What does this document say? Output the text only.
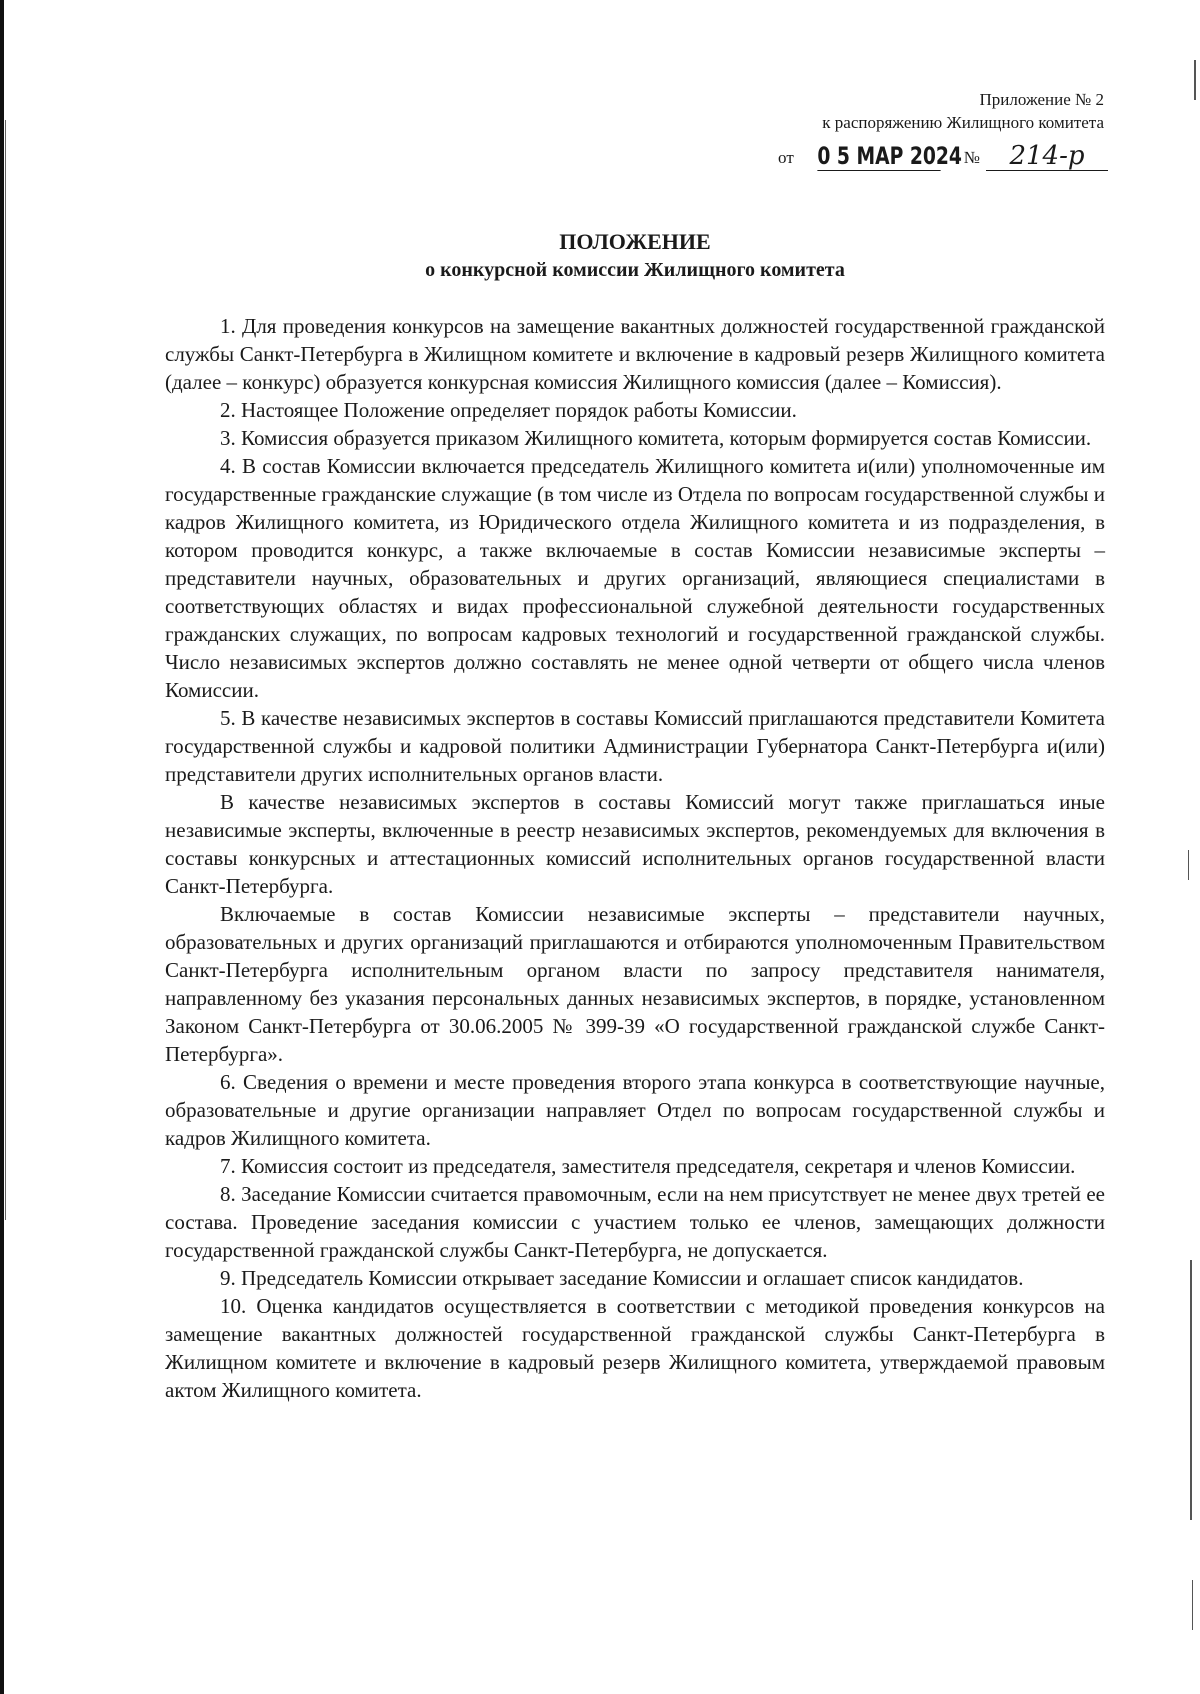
Приложение № 2
к распоряжению Жилищного комитета
от 0 5 МАР 2024 №	214-р
ПОЛОЖЕНИЕ
о конкурсной комиссии Жилищного комитета

1. Для проведения конкурсов на замещение вакантных должностей государственной гражданской службы Санкт-Петербурга в Жилищном комитете и включение в кадровый резерв Жилищного комитета (далее – конкурс) образуется конкурсная комиссия Жилищного комиссия (далее – Комиссия).

2. Настоящее Положение определяет порядок работы Комиссии.

3. Комиссия образуется приказом Жилищного комитета, которым формируется состав Комиссии.

4. В состав Комиссии включается председатель Жилищного комитета и(или) уполномоченные им государственные гражданские служащие (в том числе из Отдела по вопросам государственной службы и кадров Жилищного комитета, из Юридического отдела Жилищного комитета и из подразделения, в котором проводится конкурс, а также включаемые в состав Комиссии независимые эксперты – представители научных, образовательных и других организаций, являющиеся специалистами в соответствующих областях и видах профессиональной служебной деятельности государственных гражданских служащих, по вопросам кадровых технологий и государственной гражданской службы. Число независимых экспертов должно составлять не менее одной четверти от общего числа членов Комиссии.

5. В качестве независимых экспертов в составы Комиссий приглашаются представители Комитета государственной службы и кадровой политики Администрации Губернатора Санкт-Петербурга и(или) представители других исполнительных органов власти.

В качестве независимых экспертов в составы Комиссий могут также приглашаться иные независимые эксперты, включенные в реестр независимых экспертов, рекомендуемых для включения в составы конкурсных и аттестационных комиссий исполнительных органов государственной власти Санкт-Петербурга.

Включаемые в состав Комиссии независимые эксперты – представители научных, образовательных и других организаций приглашаются и отбираются уполномоченным Правительством Санкт-Петербурга исполнительным органом власти по запросу представителя нанимателя, направленному без указания персональных данных независимых экспертов, в порядке, установленном Законом Санкт-Петербурга от 30.06.2005 № 399-39 «О государственной гражданской службе Санкт-Петербурга».

6. Сведения о времени и месте проведения второго этапа конкурса в соответствующие научные, образовательные и другие организации направляет Отдел по вопросам государственной службы и кадров Жилищного комитета.

7. Комиссия состоит из председателя, заместителя председателя, секретаря и членов Комиссии.

8. Заседание Комиссии считается правомочным, если на нем присутствует не менее двух третей ее состава. Проведение заседания комиссии с участием только ее членов, замещающих должности государственной гражданской службы Санкт-Петербурга, не допускается.

9. Председатель Комиссии открывает заседание Комиссии и оглашает список кандидатов.

10. Оценка кандидатов осуществляется в соответствии с методикой проведения конкурсов на замещение вакантных должностей государственной гражданской службы Санкт-Петербурга в Жилищном комитете и включение в кадровый резерв Жилищного комитета, утверждаемой правовым актом Жилищного комитета.
